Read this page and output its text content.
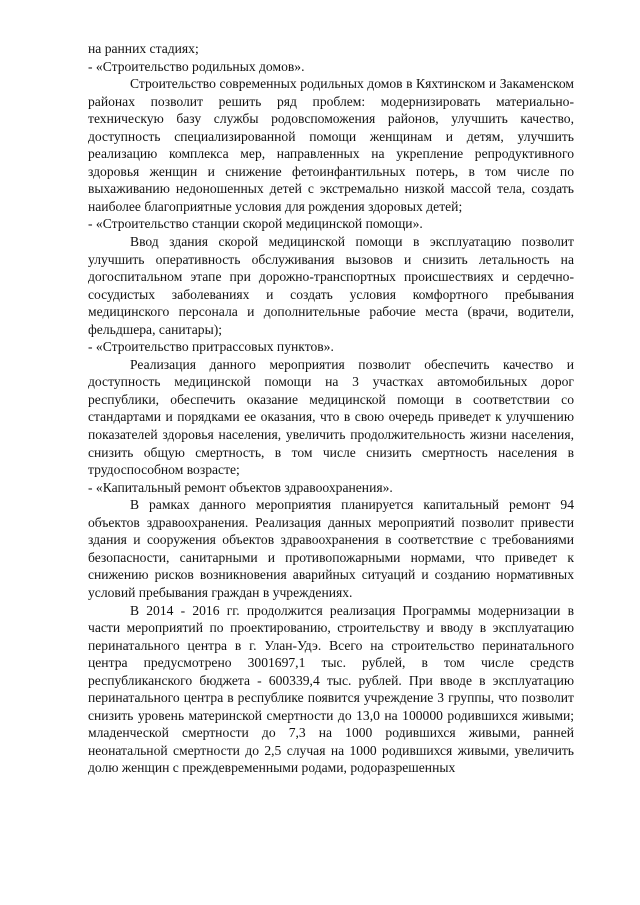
на ранних стадиях;

- «Строительство родильных домов».

Строительство современных родильных домов в Кяхтинском и Закаменском районах позволит решить ряд проблем: модернизировать материально-техническую базу службы родовспоможения районов, улучшить качество, доступность специализированной помощи женщинам и детям, улучшить реализацию комплекса мер, направленных на укрепление репродуктивного здоровья женщин и снижение фетоинфантильных потерь, в том числе по выхаживанию недоношенных детей с экстремально низкой массой тела, создать наиболее благоприятные условия для рождения здоровых детей;

- «Строительство станции скорой медицинской помощи».

Ввод здания скорой медицинской помощи в эксплуатацию позволит улучшить оперативность обслуживания вызовов и снизить летальность на догоспитальном этапе при дорожно-транспортных происшествиях и сердечно-сосудистых заболеваниях и создать условия комфортного пребывания медицинского персонала и дополнительные рабочие места (врачи, водители, фельдшера, санитары);

- «Строительство притрассовых пунктов».

Реализация данного мероприятия позволит обеспечить качество и доступность медицинской помощи на 3 участках автомобильных дорог республики, обеспечить оказание медицинской помощи в соответствии со стандартами и порядками ее оказания, что в свою очередь приведет к улучшению показателей здоровья населения, увеличить продолжительность жизни населения, снизить общую смертность, в том числе снизить смертность населения в трудоспособном возрасте;

- «Капитальный ремонт объектов здравоохранения».

В рамках данного мероприятия планируется капитальный ремонт 94 объектов здравоохранения. Реализация данных мероприятий позволит привести здания и сооружения объектов здравоохранения в соответствие с требованиями безопасности, санитарными и противопожарными нормами, что приведет к снижению рисков возникновения аварийных ситуаций и созданию нормативных условий пребывания граждан в учреждениях.

В 2014 - 2016 гг. продолжится реализация Программы модернизации в части мероприятий по проектированию, строительству и вводу в эксплуатацию перинатального центра в г. Улан-Удэ. Всего на строительство перинатального центра предусмотрено 3001697,1 тыс. рублей, в том числе средств республиканского бюджета - 600339,4 тыс. рублей. При вводе в эксплуатацию перинатального центра в республике появится учреждение 3 группы, что позволит снизить уровень материнской смертности до 13,0 на 100000 родившихся живыми; младенческой смертности до 7,3 на 1000 родившихся живыми, ранней неонатальной смертности до 2,5 случая на 1000 родившихся живыми, увеличить долю женщин с преждевременными родами, родоразрешенных
